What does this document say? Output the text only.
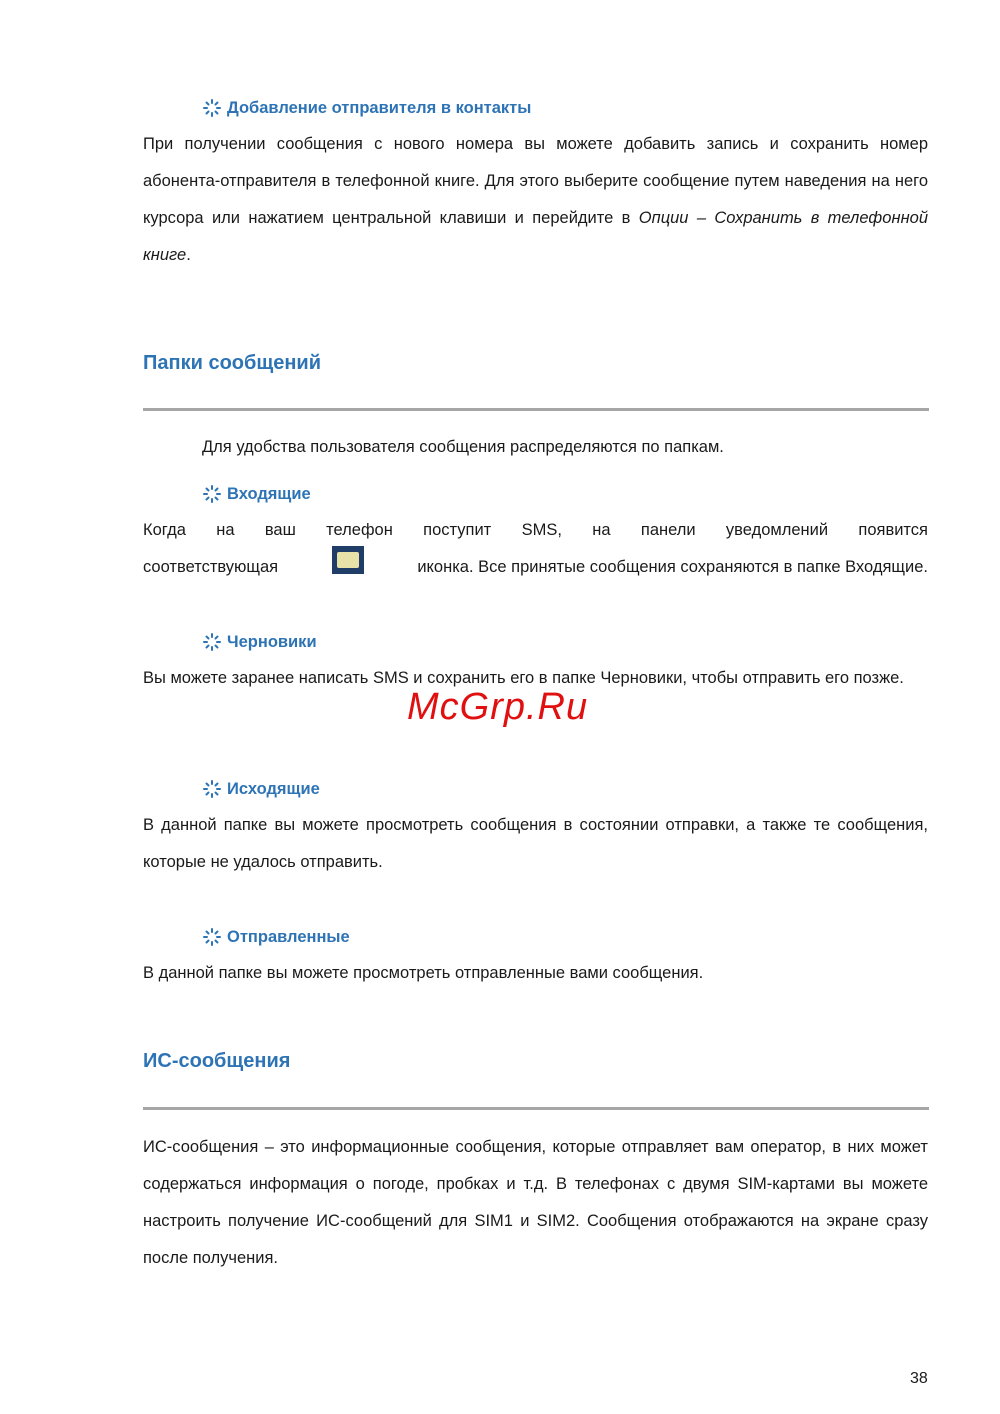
Добавление отправителя в контакты
При получении сообщения с нового номера вы можете добавить запись и сохранить номер абонента-отправителя в телефонной книге. Для этого выберите сообщение путем наведения на него курсора или нажатием центральной клавиши и перейдите в Опции – Сохранить в телефонной книге.
Папки сообщений
Для удобства пользователя сообщения распределяются по папкам.
Входящие
Когда на ваш телефон поступит SMS, на панели уведомлений появится
соответствующая	иконка. Все принятые сообщения сохраняются в папке Входящие.
Черновики
Вы можете заранее написать SMS и сохранить его в папке Черновики, чтобы отправить его позже.
Исходящие
В данной папке вы можете просмотреть сообщения в состоянии отправки, а также те сообщения, которые не удалось отправить.
Отправленные
В данной папке вы можете просмотреть отправленные вами сообщения.
ИС-сообщения
ИС-сообщения – это информационные сообщения, которые отправляет вам оператор, в них может содержаться информация о погоде, пробках и т.д. В телефонах с двумя SIM-картами вы можете настроить получение ИС-сообщений для SIM1 и SIM2. Сообщения отображаются на экране сразу после получения.
McGrp.Ru
38
